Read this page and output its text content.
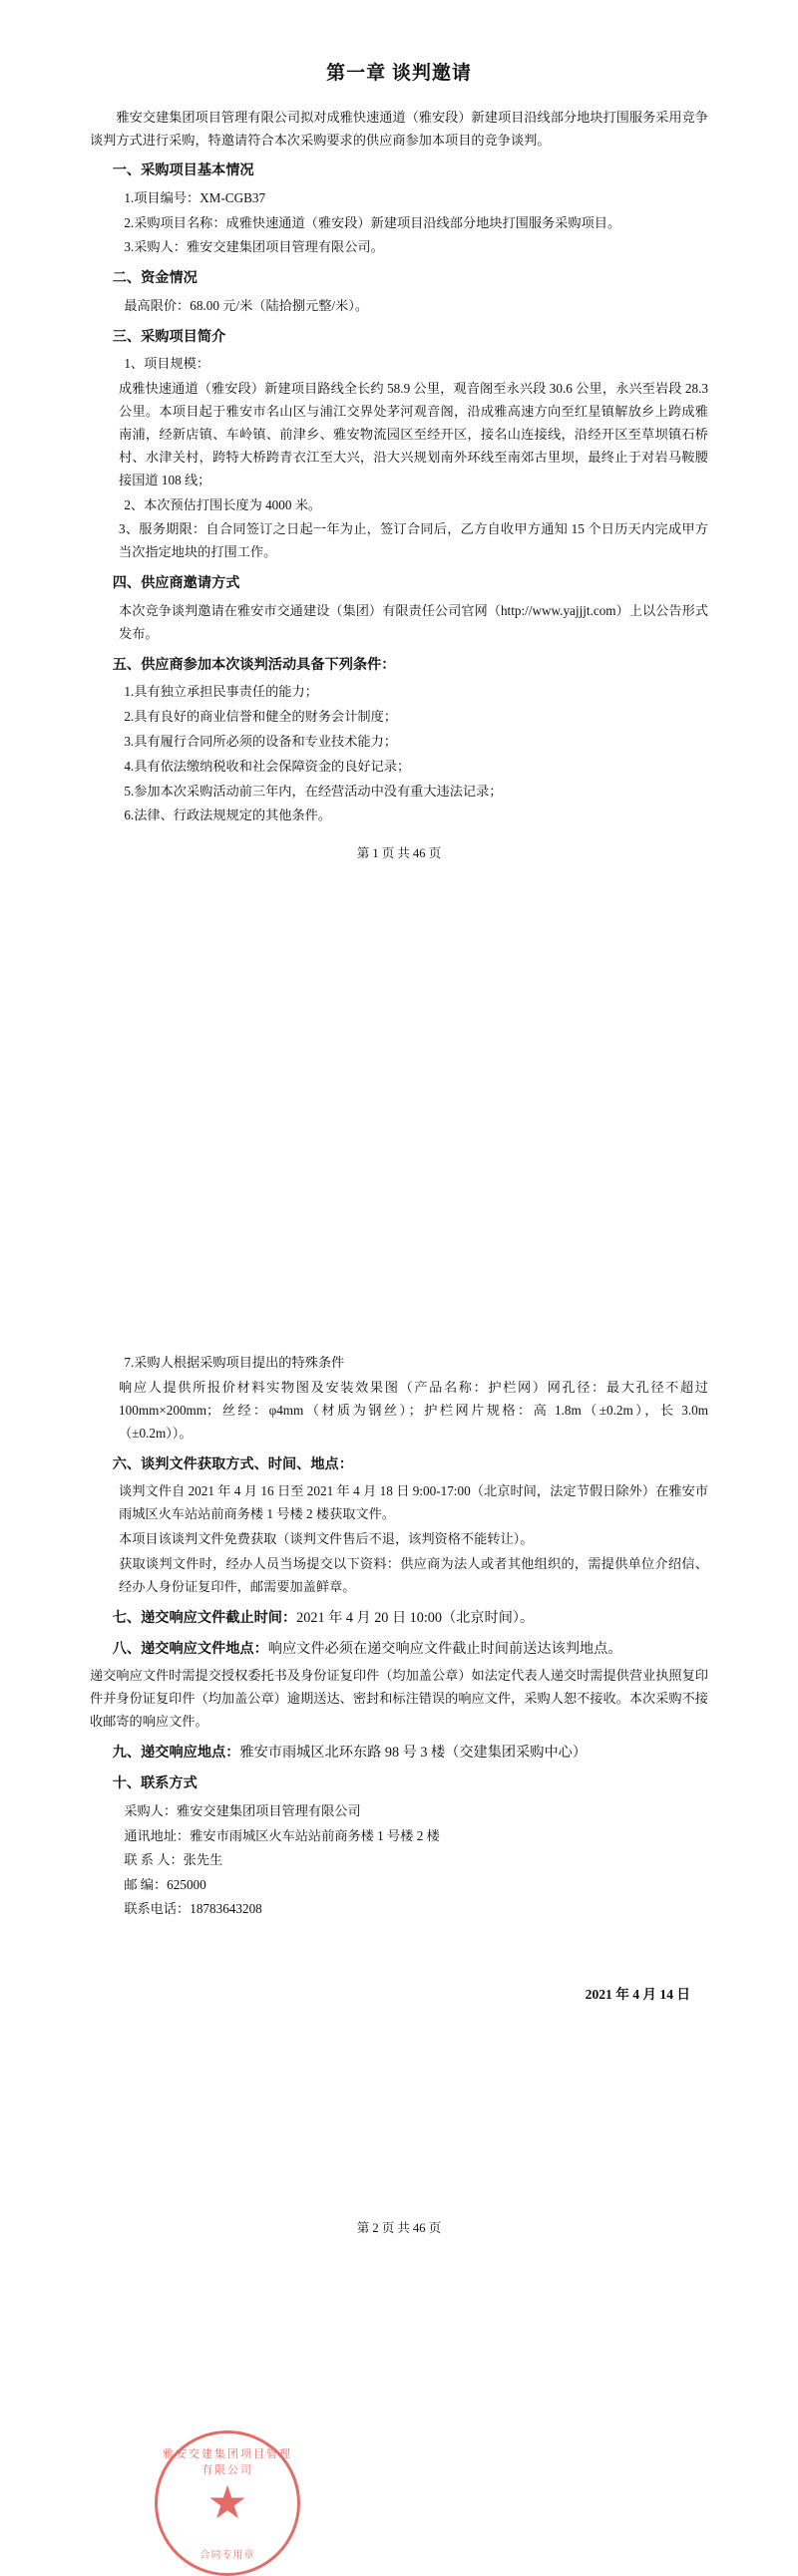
第一章 谈判邀请

雅安交建集团项目管理有限公司拟对成雅快速通道（雅安段）新建项目沿线部分地块打围服务采用竞争谈判方式进行采购，特邀请符合本次采购要求的供应商参加本项目的竞争谈判。

一、采购项目基本情况

1.项目编号：XM-CGB37

2.采购项目名称：成雅快速通道（雅安段）新建项目沿线部分地块打围服务采购项目。

3.采购人：雅安交建集团项目管理有限公司。

二、资金情况

最高限价：68.00 元/米（陆拾捌元整/米）。

三、采购项目简介

1、项目规模：

成雅快速通道（雅安段）新建项目路线全长约 58.9 公里，观音阁至永兴段 30.6 公里，永兴至岩段 28.3 公里。本项目起于雅安市名山区与浦江交界处茅河观音阁，沿成雅高速方向至红星镇解放乡上跨成雅南浦，经新店镇、车岭镇、前津乡、雅安物流园区至经开区，接名山连接线，沿经开区至草坝镇石桥村、水津关村，跨特大桥跨青衣江至大兴，沿大兴规划南外环线至南郊古里坝，最终止于对岩马鞍腰接国道 108 线；

2、本次预估打围长度为 4000 米。

3、服务期限：自合同签订之日起一年为止，签订合同后，乙方自收甲方通知 15 个日历天内完成甲方当次指定地块的打围工作。

四、供应商邀请方式

本次竞争谈判邀请在雅安市交通建设（集团）有限责任公司官网（http://www.yajjjt.com）上以公告形式发布。

五、供应商参加本次谈判活动具备下列条件：

1.具有独立承担民事责任的能力；

2.具有良好的商业信誉和健全的财务会计制度；

3.具有履行合同所必须的设备和专业技术能力；

4.具有依法缴纳税收和社会保障资金的良好记录；

5.参加本次采购活动前三年内，在经营活动中没有重大违法记录；

6.法律、行政法规规定的其他条件。

第 1 页 共 46 页

7.采购人根据采购项目提出的特殊条件

响应人提供所报价材料实物图及安装效果图（产品名称：护栏网）网孔径：最大孔径不超过 100mm×200mm；丝经：φ4mm（材质为钢丝）；护栏网片规格：高 1.8m（±0.2m），长 3.0m（±0.2m））。

六、谈判文件获取方式、时间、地点：

谈判文件自 2021 年 4 月 16 日至 2021 年 4 月 18 日 9:00-17:00（北京时间，法定节假日除外）在雅安市雨城区火车站站前商务楼 1 号楼 2 楼获取文件。

本项目该谈判文件免费获取（谈判文件售后不退，该判资格不能转让）。

获取谈判文件时，经办人员当场提交以下资料：供应商为法人或者其他组织的，需提供单位介绍信、经办人身份证复印件，邮需要加盖鲜章。

七、递交响应文件截止时间：2021 年 4 月 20 日 10:00（北京时间）。
八、递交响应文件地点：响应文件必须在递交响应文件截止时间前送达该判地点。

递交响应文件时需提交授权委托书及身份证复印件（均加盖公章）如法定代表人递交时需提供营业执照复印件并身份证复印件（均加盖公章）逾期送达、密封和标注错误的响应文件，采购人恕不接收。本次采购不接收邮寄的响应文件。

九、递交响应地点：雅安市雨城区北环东路 98 号 3 楼（交建集团采购中心）
十、联系方式
采购人：雅安交建集团项目管理有限公司
通讯地址：雅安市雨城区火车站站前商务楼 1 号楼 2 楼
联 系 人：张先生
邮 编：625000
联系电话：18783643208
雅安交建集团项目管理有限公司
★
合同专用章
2021 年 4 月 14 日
第 2 页 共 46 页
